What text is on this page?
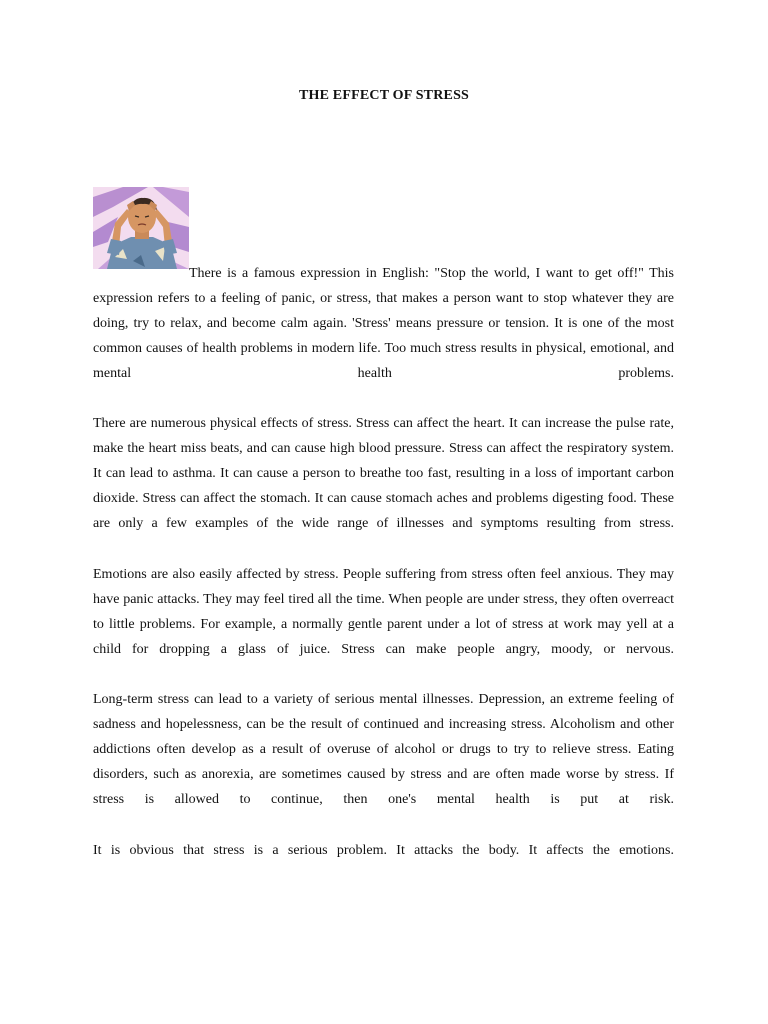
THE EFFECT OF STRESS

There is a famous expression in English: "Stop the world, I want to get off!" This expression refers to a feeling of panic, or stress, that makes a person want to stop whatever they are doing, try to relax, and become calm again. 'Stress' means pressure or tension. It is one of the most common causes of health problems in modern life. Too much stress results in physical, emotional, and mental health problems.

There are numerous physical effects of stress. Stress can affect the heart. It can increase the pulse rate, make the heart miss beats, and can cause high blood pressure. Stress can affect the respiratory system. It can lead to asthma. It can cause a person to breathe too fast, resulting in a loss of important carbon dioxide. Stress can affect the stomach. It can cause stomach aches and problems digesting food. These are only a few examples of the wide range of illnesses and symptoms resulting from stress.

Emotions are also easily affected by stress. People suffering from stress often feel anxious. They may have panic attacks. They may feel tired all the time. When people are under stress, they often overreact to little problems. For example, a normally gentle parent under a lot of stress at work may yell at a child for dropping a glass of juice. Stress can make people angry, moody, or nervous.

Long-term stress can lead to a variety of serious mental illnesses. Depression, an extreme feeling of sadness and hopelessness, can be the result of continued and increasing stress. Alcoholism and other addictions often develop as a result of overuse of alcohol or drugs to try to relieve stress. Eating disorders, such as anorexia, are sometimes caused by stress and are often made worse by stress. If stress is allowed to continue, then one's mental health is put at risk.

It is obvious that stress is a serious problem. It attacks the body. It affects the emotions.
